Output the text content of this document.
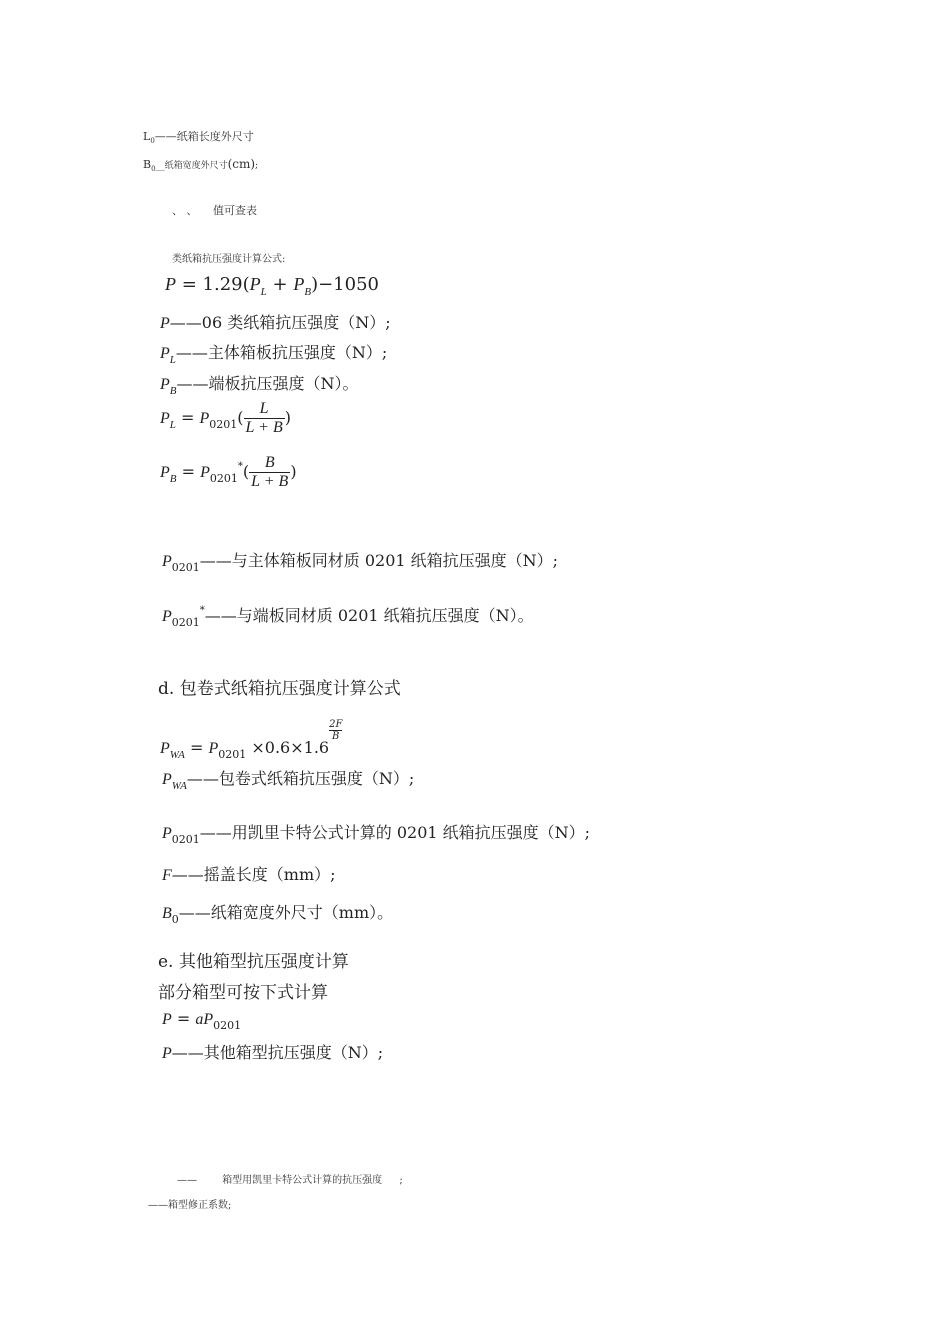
$L_0——$纸箱长度外尺寸
$B_0\_\_$纸箱宽度外尺寸(cm);
、 、 值可查表
类纸箱抗压强度计算公式:
$P = 1.29(P_L + P_B)-1050$
P——06 类纸箱抗压强度（N）;
$P_L——$主体箱板抗压强度（N）;
$P_B——$端板抗压强度（N）。
$P_L = P_{0201}( \frac{L}{L + B}$ )
$P_B = P_{0201}^*( \frac{B}{L + B}$ )
$P_{0201}——$与主体箱板同材质 0201 纸箱抗压强度（N）;
$P_{0201}^*——$与端板同材质 0201 纸箱抗压强度（N）。
d. 包卷式纸箱抗压强度计算公式
$P_{WA} = P_{0201} \times 0.6\times 1.6$
$\frac{2F}{B}$
$P_{WA}——$包卷式纸箱抗压强度（N）;
$P_{0201}——$用凯里卡特公式计算的 0201 纸箱抗压强度（N）;
F——摇盖长度（mm）;
$B_0——$纸箱宽度外尺寸（mm）。
e. 其他箱型抗压强度计算
部分箱型可按下式计算
$P = aP_{0201}$
P——其他箱型抗压强度（N）;
——	箱型用凯里卡特公式计算的抗压强度 ;
——箱型修正系数;
